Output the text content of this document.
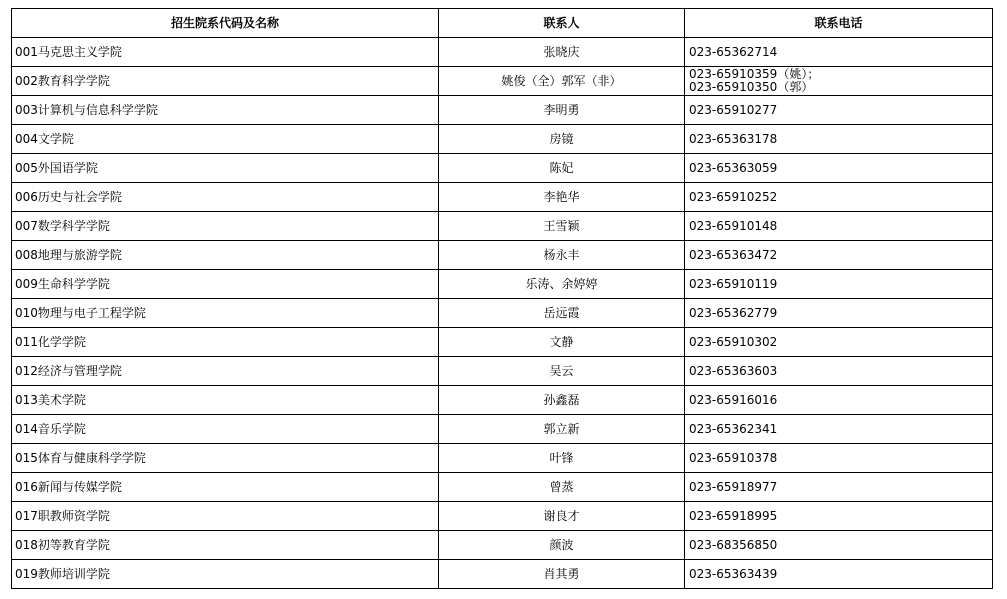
招生院系代码及名称	联系人	联系电话
001马克思主义学院	张晓庆	023-65362714

002教育科学学院	姚俊（全）郭军（非）	023-65910359（姚）；
023-65910350（郭）

003计算机与信息科学学院	李明勇	023-65910277

004文学院	房镜	023-65363178

005外国语学院	陈妃	023-65363059

006历史与社会学院	李艳华	023-65910252

007数学科学学院	王雪颖	023-65910148

008地理与旅游学院	杨永丰	023-65363472

009生命科学学院	乐涛、余婷婷	023-65910119

010物理与电子工程学院	岳远霞	023-65362779

011化学学院	文静	023-65910302

012经济与管理学院	吴云	023-65363603

013美术学院	孙鑫磊	023-65916016

014音乐学院	郭立新	023-65362341

015体育与健康科学学院	叶锋	023-65910378

016新闻与传媒学院	曾蒸	023-65918977

017职教师资学院	谢良才	023-65918995

018初等教育学院	颜波	023-68356850

019教师培训学院	肖其勇	023-65363439
